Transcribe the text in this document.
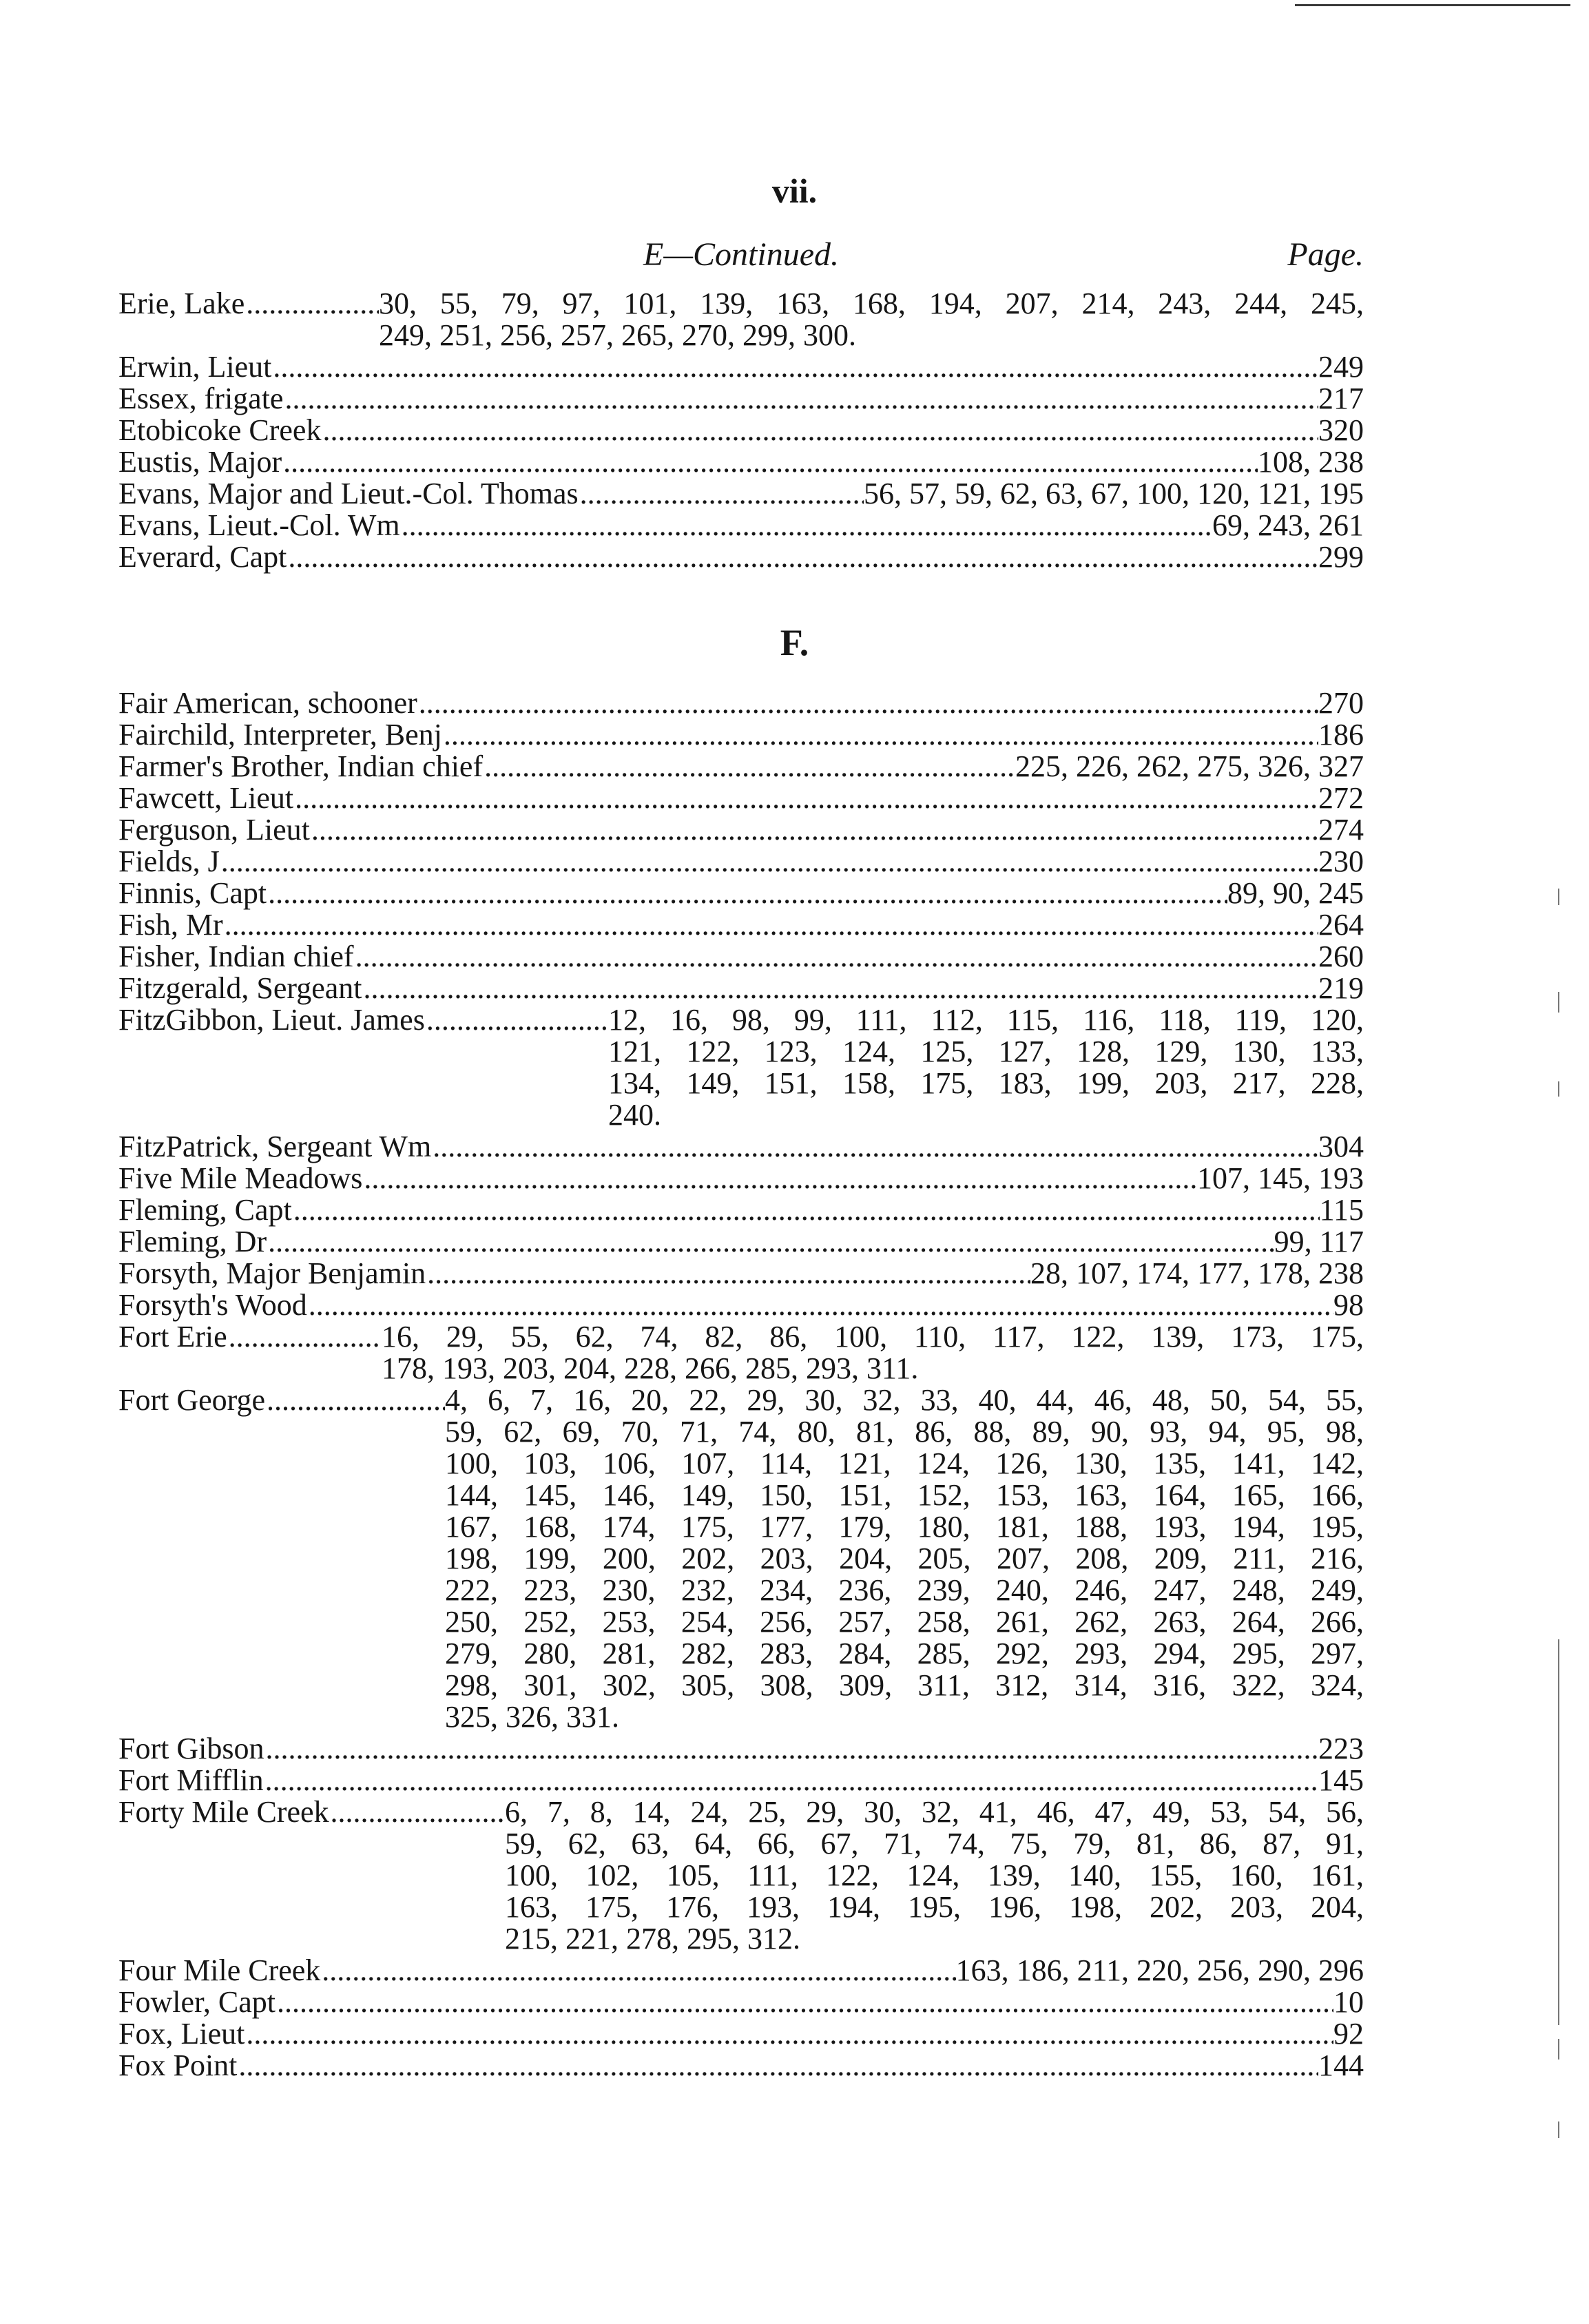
vii.
E—Continued.	Page.
Erie, Lake .....	30, 55, 79, 97, 101, 139, 163, 168, 194, 207, 214, 243, 244, 245,
249, 251, 256, 257, 265, 270, 299, 300.
Erwin, Lieut .....	249
Essex, frigate .....	217
Etobicoke Creek .....	320
Eustis, Major .....	108, 238
Evans, Major and Lieut.-Col. Thomas .....	56, 57, 59, 62, 63, 67, 100, 120, 121, 195
Evans, Lieut.-Col. Wm .....	69, 243, 261
Everard, Capt .....	299
F.
Fair American, schooner .....	270
Fairchild, Interpreter, Benj .....	186
Farmer's Brother, Indian chief .....	225, 226, 262, 275, 326, 327
Fawcett, Lieut .....	272
Ferguson, Lieut .....	274
Fields, J .....	230
Finnis, Capt .....	89, 90, 245
Fish, Mr .....	264
Fisher, Indian chief .....	260
Fitzgerald, Sergeant .....	219
FitzGibbon, Lieut. James .....	12, 16, 98, 99, 111, 112, 115, 116, 118, 119, 120,
121, 122, 123, 124, 125, 127, 128, 129, 130, 133,
134, 149, 151, 158, 175, 183, 199, 203, 217, 228,
240.
FitzPatrick, Sergeant Wm .....	304
Five Mile Meadows .....	107, 145, 193
Fleming, Capt .....	115
Fleming, Dr .....	99, 117
Forsyth, Major Benjamin .....	28, 107, 174, 177, 178, 238
Forsyth's Wood .....	98
Fort Erie .....	16, 29, 55, 62, 74, 82, 86, 100, 110, 117, 122, 139, 173, 175,
178, 193, 203, 204, 228, 266, 285, 293, 311.
Fort George .....	4, 6, 7, 16, 20, 22, 29, 30, 32, 33, 40, 44, 46, 48, 50, 54, 55,
59, 62, 69, 70, 71, 74, 80, 81, 86, 88, 89, 90, 93, 94, 95, 98,
100, 103, 106, 107, 114, 121, 124, 126, 130, 135, 141, 142,
144, 145, 146, 149, 150, 151, 152, 153, 163, 164, 165, 166,
167, 168, 174, 175, 177, 179, 180, 181, 188, 193, 194, 195,
198, 199, 200, 202, 203, 204, 205, 207, 208, 209, 211, 216,
222, 223, 230, 232, 234, 236, 239, 240, 246, 247, 248, 249,
250, 252, 253, 254, 256, 257, 258, 261, 262, 263, 264, 266,
279, 280, 281, 282, 283, 284, 285, 292, 293, 294, 295, 297,
298, 301, 302, 305, 308, 309, 311, 312, 314, 316, 322, 324,
325, 326, 331.
Fort Gibson .....	223
Fort Mifflin .....	145
Forty Mile Creek .....	6, 7, 8, 14, 24, 25, 29, 30, 32, 41, 46, 47, 49, 53, 54, 56,
59, 62, 63, 64, 66, 67, 71, 74, 75, 79, 81, 86, 87, 91,
100, 102, 105, 111, 122, 124, 139, 140, 155, 160, 161,
163, 175, 176, 193, 194, 195, 196, 198, 202, 203, 204,
215, 221, 278, 295, 312.
Four Mile Creek .....	163, 186, 211, 220, 256, 290, 296
Fowler, Capt .....	10
Fox, Lieut .....	92
Fox Point .....	144
